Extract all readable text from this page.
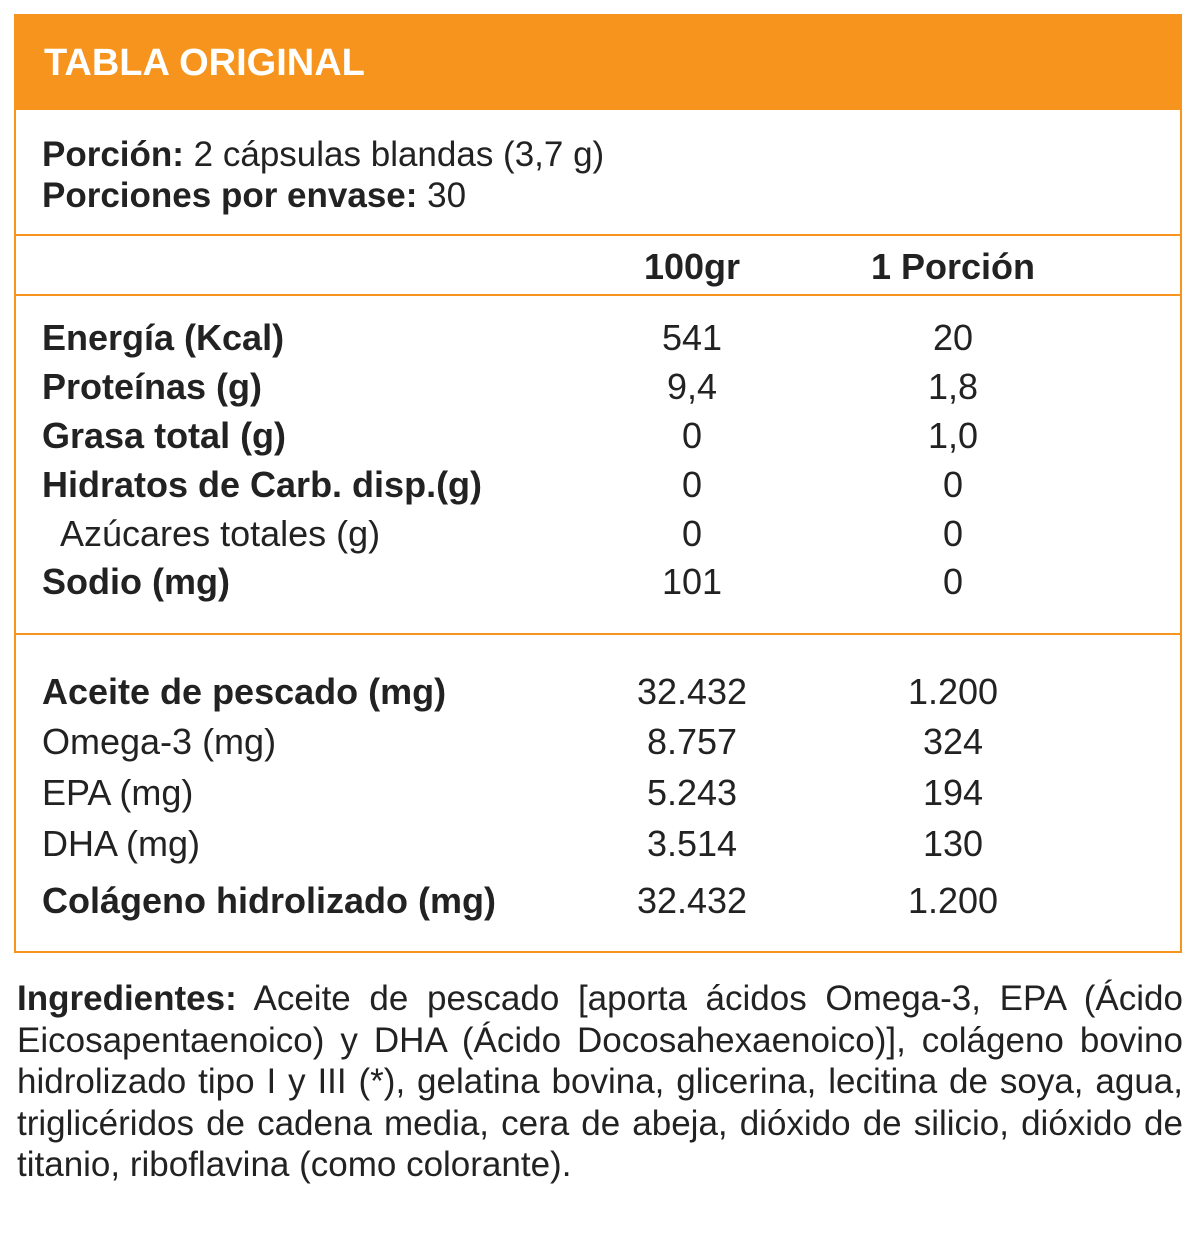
TABLA ORIGINAL
Porción: 2 cápsulas blandas (3,7 g)
Porciones por envase: 30
100gr	1 Porción
Energía (Kcal)	541	20
Proteínas (g)	9,4	1,8
Grasa total (g)	0	1,0
Hidratos de Carb. disp.(g)	0	0
Azúcares totales (g)	0	0
Sodio (mg)	101	0
Aceite de pescado (mg)	32.432	1.200
Omega-3 (mg)	8.757	324
EPA (mg)	5.243	194
DHA (mg)	3.514	130
Colágeno hidrolizado (mg)	32.432	1.200
Ingredientes: Aceite de pescado [aporta ácidos Omega-3, EPA (Ácido Eicosapentaenoico) y DHA (Ácido Docosahexaenoico)], colágeno bovino hidrolizado tipo I y III (*), gelatina bovina, glicerina, lecitina de soya, agua, triglicéridos de cadena media, cera de abeja, dióxido de silicio, dióxido de titanio, riboflavina (como colorante).
